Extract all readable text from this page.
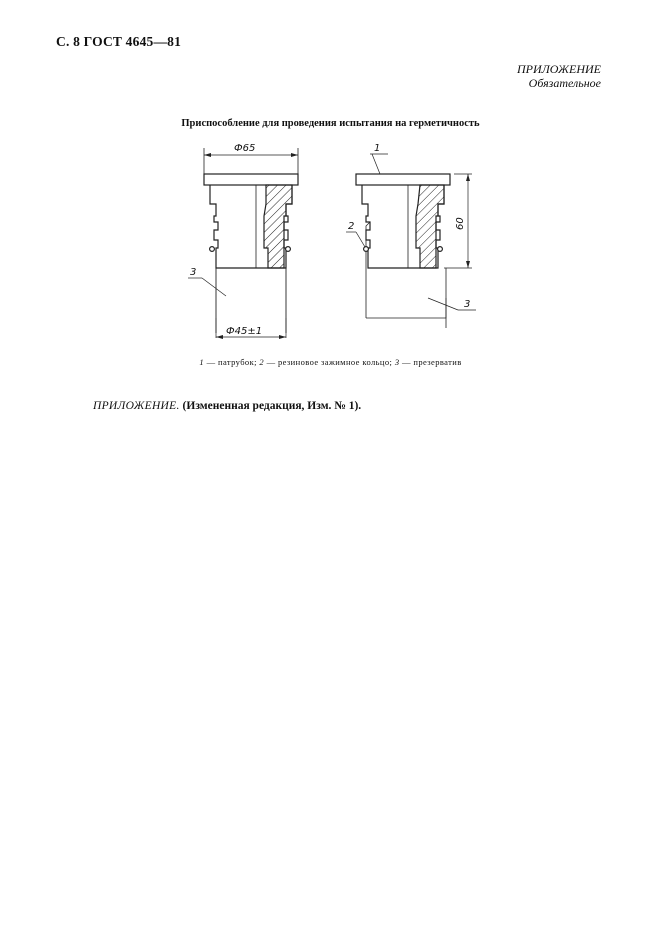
С. 8 ГОСТ 4645—81
ПРИЛОЖЕНИЕ
Обязательное
Приспособление для проведения испытания на герметичность
Ф65
Ф45±1
3
1
2
3
60
1 — патрубок; 2 — резиновое зажимное кольцо; 3 — презерватив
ПРИЛОЖЕНИЕ. (Измененная редакция, Изм. № 1).
